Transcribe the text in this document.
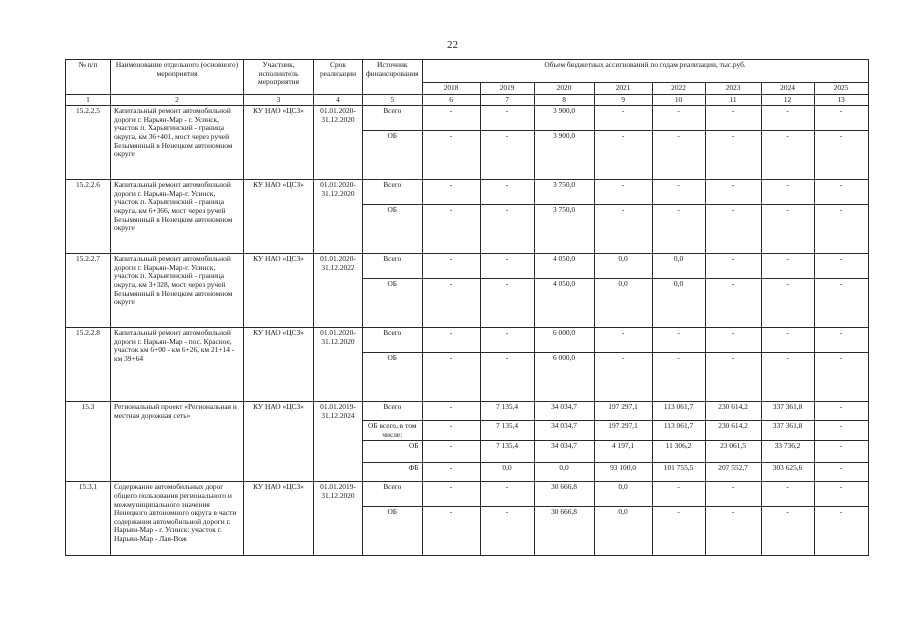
22
№ п/п	Наименование отдельного (основного) мероприятия	Участник, исполнитель мероприятия	Срок реализации	Источник финансирования	Объем бюджетных ассигнований по годам реализации, тыс.руб.							
					2018	2019	2020	2021	2022	2023	2024	2025
1	2	3	4	5	6	7	8	9	10	11	12	13
15.2.2.5	Капитальный ремонт автомобильной дороги г. Нарьян-Мар - г. Усинск, участок п. Харьягинский - граница округа, км 36+401, мост через ручей Безымянный в Ненецком автономном округе	КУ НАО «ЦСЗ»	01.01.2020-31.12.2020	Всего	-	-	3 900,0	-	-	-	-	-
				ОБ	-	-	3 900,0	-	-	-	-	-
15.2.2.6	Капитальный ремонт автомобильной дороги г. Нарьян-Мар-г. Усинск, участок п. Харьягинский - граница округа, км 6+366, мост через ручей Безымянный в Ненецком автономном округе	КУ НАО «ЦСЗ»	01.01.2020-31.12.2020	Всего	-	-	3 750,0	-	-	-	-	-
				ОБ	-	-	3 750,0	-	-	-	-	-
15.2.2.7	Капитальный ремонт автомобильной дороги г. Нарьян-Мар-г. Усинск, участок п. Харьягинский - граница округа, км 3+328, мост через ручей Безымянный в Ненецком автономном округе	КУ НАО «ЦСЗ»	01.01.2020-31.12.2022	Всего	-	-	4 050,0	0,0	0,0	-	-	-
				ОБ	-	-	4 050,0	0,0	0,0	-	-	-
15.2.2.8	Капитальный ремонт автомобильной дороги г. Нарьян-Мар - пос. Красное, участок км 6+00 - км 6+26, км 21+14 - км 39+64	КУ НАО «ЦСЗ»	01.01.2020-31.12.2020	Всего	-	-	6 000,0	-	-	-	-	-
				ОБ	-	-	6 000,0	-	-	-	-	-
15.3	Региональный проект «Региональная и местная дорожная сеть»	КУ НАО «ЦСЗ»	01.01.2019-31.12.2024	Всего	-	7 135,4	34 034,7	197 297,1	113 061,7	230 614,2	337 361,8	-
				ОБ всего, в том числе:	-	7 135,4	34 034,7	197 297,1	113 061,7	230 614,2	337 361,8	-
				ОБ	-	7 135,4	34 034,7	4 197,1	11 306,2	23 061,5	33 736,2	-
				ФБ	-	0,0	0,0	93 100,0	101 755,5	207 552,7	303 625,6	-
15.3.1	Содержание автомобильных дорог общего пользования регионального и межмуниципального значения Ненецкого автономного округа в части содержания автомобильной дороги г. Нарьян-Мар - г. Усинск: участок г. Нарьян-Мар - Лая-Вож	КУ НАО «ЦСЗ»	01.01.2019-31.12.2020	Всего	-	-	30 666,8	0,0	-	-	-	-
				ОБ	-	-	30 666,8	0,0	-	-	-	-
